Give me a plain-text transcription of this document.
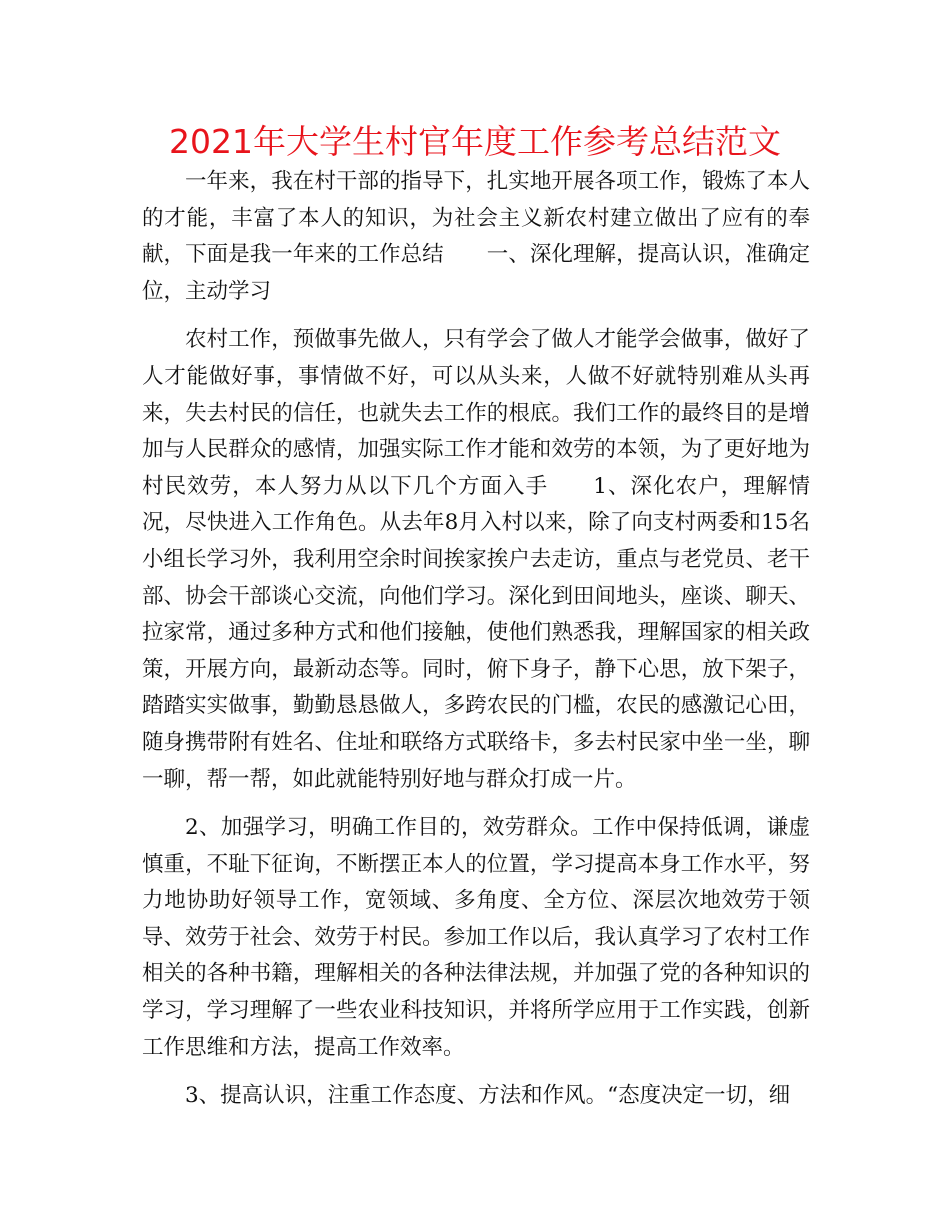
2021年大学生村官年度工作参考总结范文

一年来，我在村干部的指导下，扎实地开展各项工作，锻炼了本人的才能，丰富了本人的知识，为社会主义新农村建立做出了应有的奉献，下面是我一年来的工作总结　　一、深化理解，提高认识，准确定位，主动学习

农村工作，预做事先做人，只有学会了做人才能学会做事，做好了人才能做好事，事情做不好，可以从头来，人做不好就特别难从头再来，失去村民的信任，也就失去工作的根底。我们工作的最终目的是增加与人民群众的感情，加强实际工作才能和效劳的本领，为了更好地为村民效劳，本人努力从以下几个方面入手　　1、深化农户，理解情况，尽快进入工作角色。从去年8月入村以来，除了向支村两委和15名小组长学习外，我利用空余时间挨家挨户去走访，重点与老党员、老干部、协会干部谈心交流，向他们学习。深化到田间地头，座谈、聊天、拉家常，通过多种方式和他们接触，使他们熟悉我，理解国家的相关政策，开展方向，最新动态等。同时，俯下身子，静下心思，放下架子，踏踏实实做事，勤勤恳恳做人，多跨农民的门槛，农民的感激记心田，随身携带附有姓名、住址和联络方式联络卡，多去村民家中坐一坐，聊一聊，帮一帮，如此就能特别好地与群众打成一片。

2、加强学习，明确工作目的，效劳群众。工作中保持低调，谦虚慎重，不耻下征询，不断摆正本人的位置，学习提高本身工作水平，努力地协助好领导工作，宽领域、多角度、全方位、深层次地效劳于领导、效劳于社会、效劳于村民。参加工作以后，我认真学习了农村工作相关的各种书籍，理解相关的各种法律法规，并加强了党的各种知识的学习，学习理解了一些农业科技知识，并将所学应用于工作实践，创新工作思维和方法，提高工作效率。

3、提高认识，注重工作态度、方法和作风。“态度决定一切，细
